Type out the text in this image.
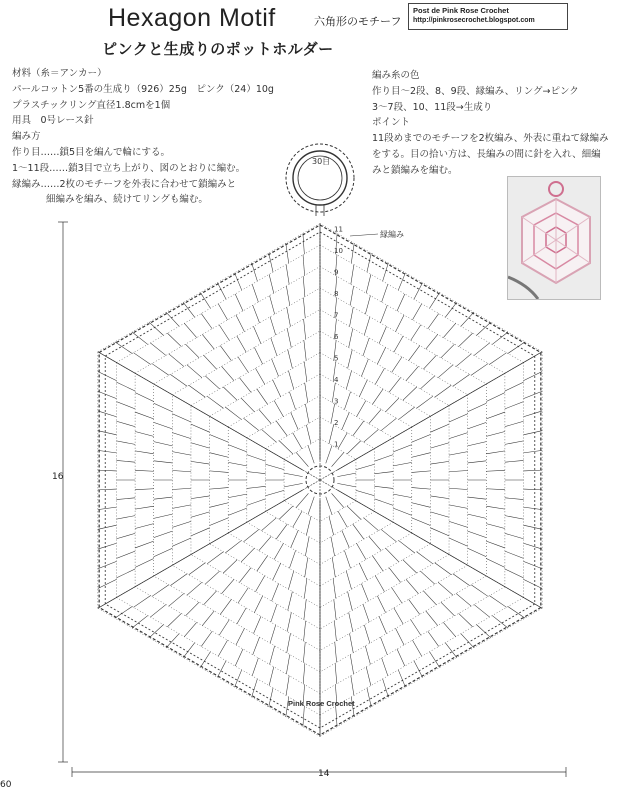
Hexagon Motif	六角形のモチーフ
ピンクと生成りのポットホルダー
Post de Pink Rose Crochet
http://pinkrosecrochet.blogspot.com
材料（糸＝アンカー）
パールコットン5番の生成り（926）25g　ピンク（24）10g
プラスチックリング直径1.8cmを1個
用具　0号レース針
編み方
作り目……鎖5目を編んで輪にする。
1〜11段……鎖3目で立ち上がり、図のとおりに編む。
縁編み……2枚のモチーフを外表に合わせて鎖編みと
細編みを編み、続けてリングも編む。
編み糸の色
作り目〜2段、8、9段、縁編み、リング→ピンク
3〜7段、10、11段→生成り
ポイント
11段めまでのモチーフを2枚編み、外表に重ねて縁編み
をする。目の拾い方は、長編みの間に針を入れ、細編
みと鎖編みを編む。
30目
縁編み
Pink Rose Crochet
11
10
9
8
7
6
5
4
3
2
1
16
14
60
